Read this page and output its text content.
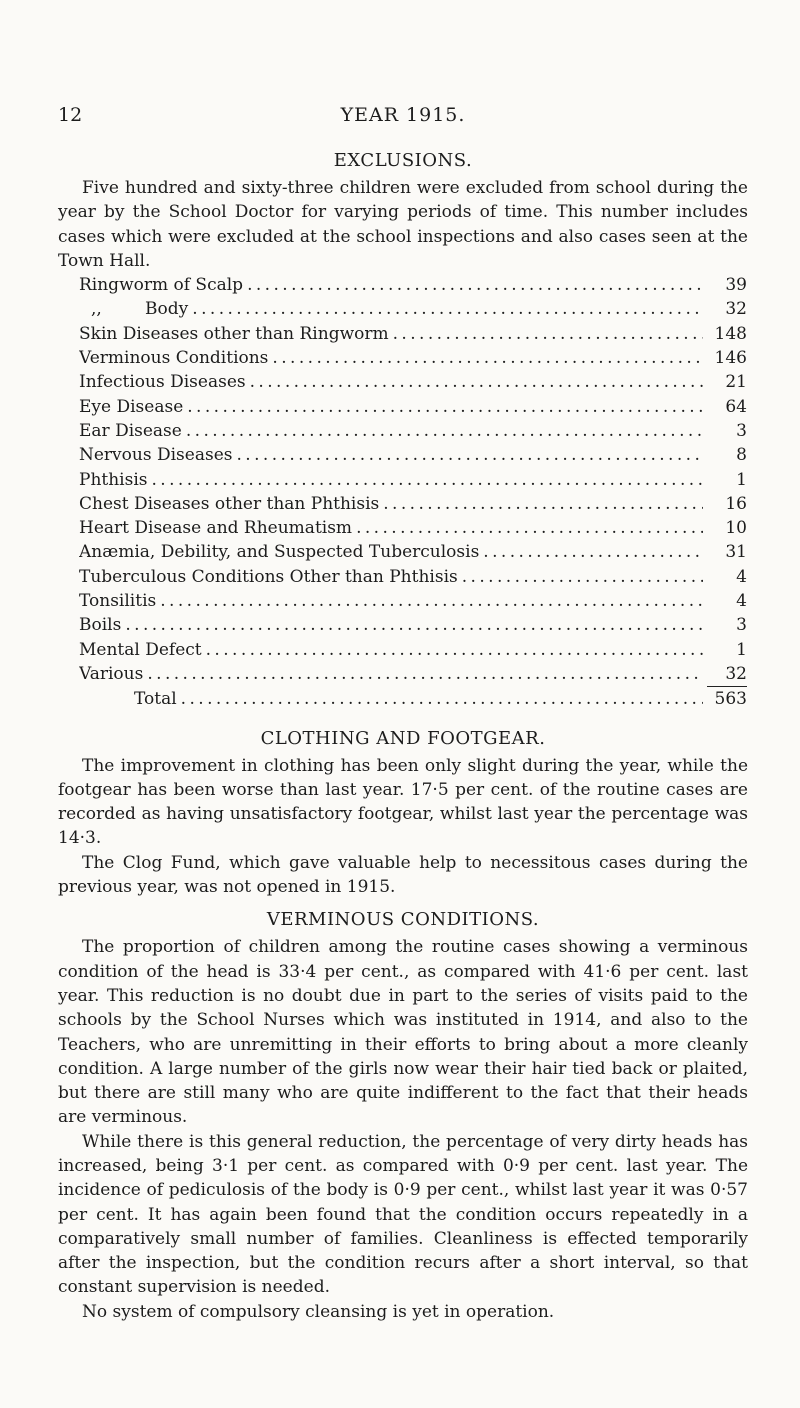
12	YEAR 1915.
EXCLUSIONS.

Five hundred and sixty-three children were excluded from school during the year by the School Doctor for varying periods of time. This number includes cases which were excluded at the school inspections and also cases seen at the Town Hall.

Ringworm of Scalp . . .	39
,,        Body . . .	32
Skin Diseases other than Ringworm . . .	148
Verminous Conditions . . .	146
Infectious Diseases . . .	21
Eye Disease . . .	64
Ear Disease . . .	3
Nervous Diseases . . .	8
Phthisis . . .	1
Chest Diseases other than Phthisis . . .	16
Heart Disease and Rheumatism . . .	10
Anæmia, Debility, and Suspected Tuberculosis . . .	31
Tuberculous Conditions Other than Phthisis . . .	4
Tonsilitis . . .	4
Boils . . .	3
Mental Defect . . .	1
Various . . .	32
Total . . .	563
CLOTHING AND FOOTGEAR.

The improvement in clothing has been only slight during the year, while the footgear has been worse than last year. 17·5 per cent. of the routine cases are recorded as having unsatisfactory footgear, whilst last year the percentage was 14·3.

The Clog Fund, which gave valuable help to necessitous cases during the previous year, was not opened in 1915.

VERMINOUS CONDITIONS.

The proportion of children among the routine cases showing a verminous condition of the head is 33·4 per cent., as compared with 41·6 per cent. last year. This reduction is no doubt due in part to the series of visits paid to the schools by the School Nurses which was instituted in 1914, and also to the Teachers, who are unremitting in their efforts to bring about a more cleanly condition. A large number of the girls now wear their hair tied back or plaited, but there are still many who are quite indifferent to the fact that their heads are verminous.

While there is this general reduction, the percentage of very dirty heads has increased, being 3·1 per cent. as compared with 0·9 per cent. last year. The incidence of pediculosis of the body is 0·9 per cent., whilst last year it was 0·57 per cent. It has again been found that the condition occurs repeatedly in a comparatively small number of families. Cleanliness is effected temporarily after the inspection, but the condition recurs after a short interval, so that constant supervision is needed.

No system of compulsory cleansing is yet in operation.
